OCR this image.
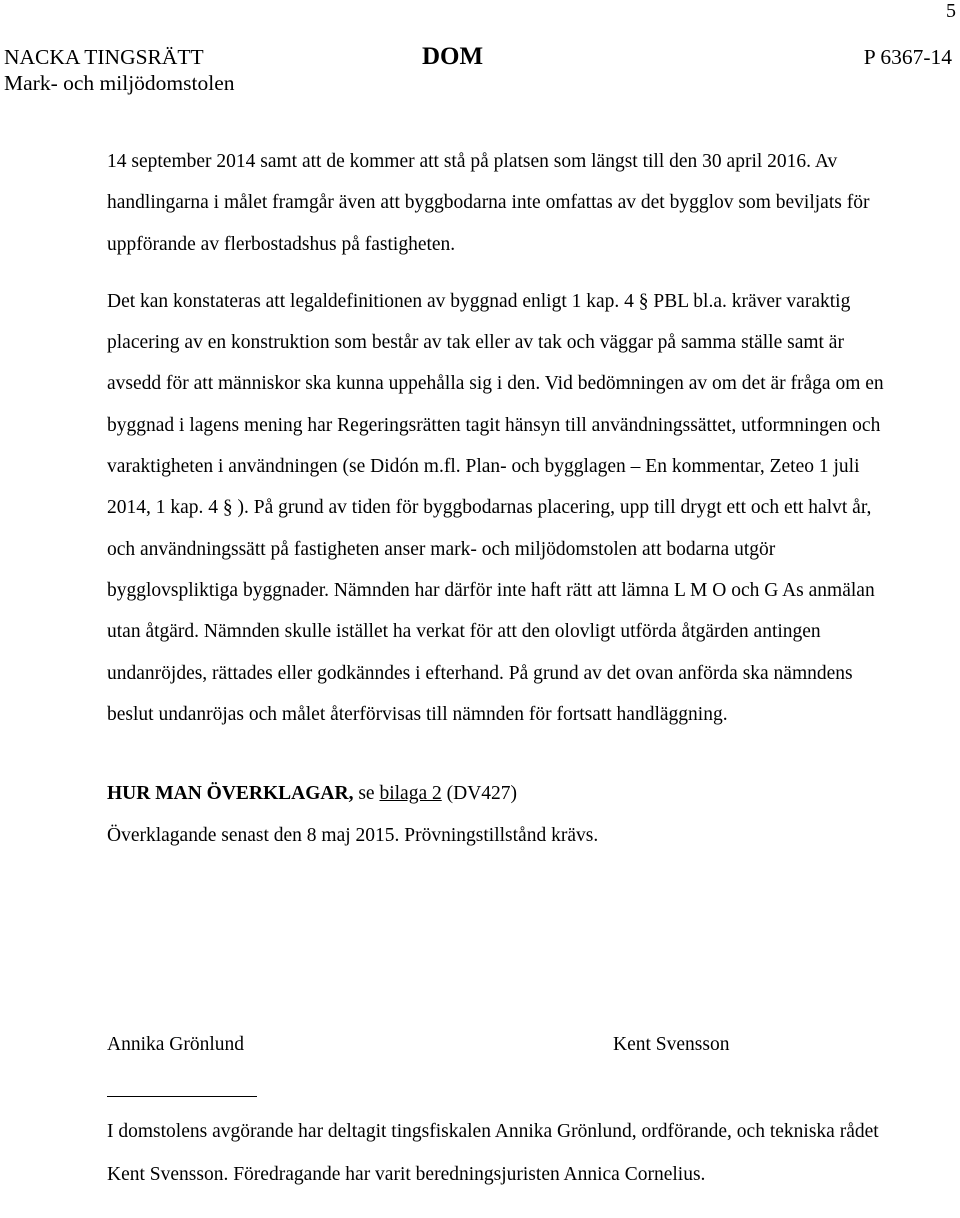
5
NACKA TINGSRÄTT
Mark- och miljödomstolen
DOM	P 6367-14

14 september 2014 samt att de kommer att stå på platsen som längst till den 30 april 2016. Av handlingarna i målet framgår även att byggbodarna inte omfattas av det bygglov som beviljats för uppförande av flerbostadshus på fastigheten.

Det kan konstateras att legaldefinitionen av byggnad enligt 1 kap. 4 § PBL bl.a. kräver varaktig placering av en konstruktion som består av tak eller av tak och väggar på samma ställe samt är avsedd för att människor ska kunna uppehålla sig i den. Vid bedömningen av om det är fråga om en byggnad i lagens mening har Regeringsrätten tagit hänsyn till användningssättet, utformningen och varaktigheten i användningen (se Didón m.fl. Plan- och bygglagen – En kommentar, Zeteo 1 juli 2014, 1 kap. 4 § ). På grund av tiden för byggbodarnas placering, upp till drygt ett och ett halvt år, och användningssätt på fastigheten anser mark- och miljödomstolen att bodarna utgör bygglovspliktiga byggnader. Nämnden har därför inte haft rätt att lämna L M O och G As anmälan utan åtgärd. Nämnden skulle istället ha verkat för att den olovligt utförda åtgärden antingen undanröjdes, rättades eller godkänndes i efterhand. På grund av det ovan anförda ska nämndens beslut undanröjas och målet återförvisas till nämnden för fortsatt handläggning.

HUR MAN ÖVERKLAGAR, se bilaga 2 (DV427)
Överklagande senast den 8 maj 2015. Prövningstillstånd krävs.
Annika Grönlund	Kent Svensson

I domstolens avgörande har deltagit tingsfiskalen Annika Grönlund, ordförande, och tekniska rådet Kent Svensson. Föredragande har varit beredningsjuristen Annica Cornelius.
